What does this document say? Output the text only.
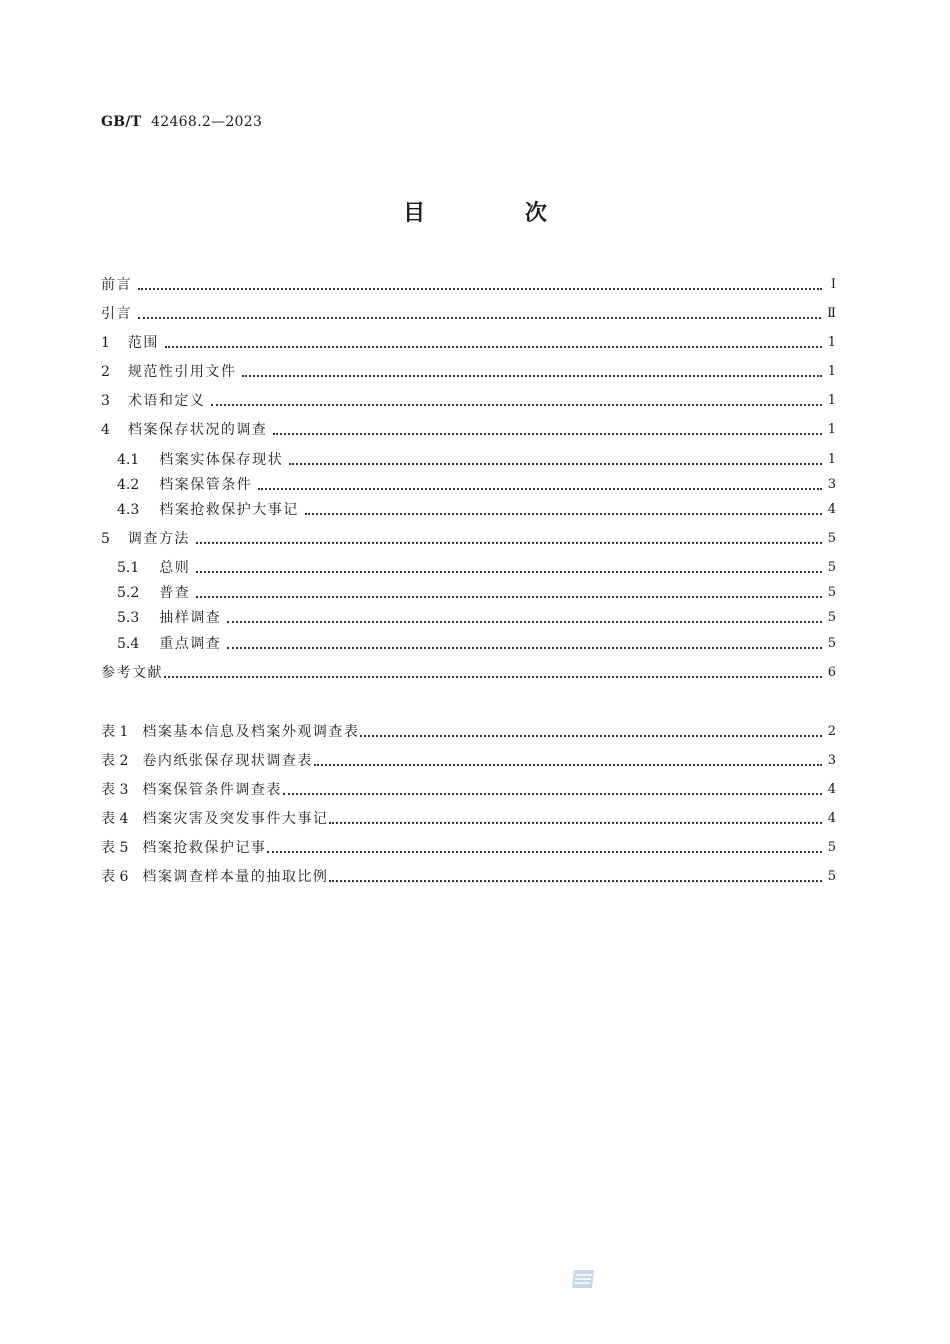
GB/T 42468.2—2023
目 次
前言	Ⅰ
引言	Ⅱ
1 范围	1
2 规范性引用文件	1
3 术语和定义	1
4 档案保存状况的调查	1
4.1 档案实体保存现状	1
4.2 档案保管条件	3
4.3 档案抢救保护大事记	4
5 调查方法	5
5.1 总则	5
5.2 普查	5
5.3 抽样调查	5
5.4 重点调查	5
参考文献	6
表 1 档案基本信息及档案外观调查表	2
表 2 卷内纸张保存现状调查表	3
表 3 档案保管条件调查表	4
表 4 档案灾害及突发事件大事记	4
表 5 档案抢救保护记事	5
表 6 档案调查样本量的抽取比例	5
